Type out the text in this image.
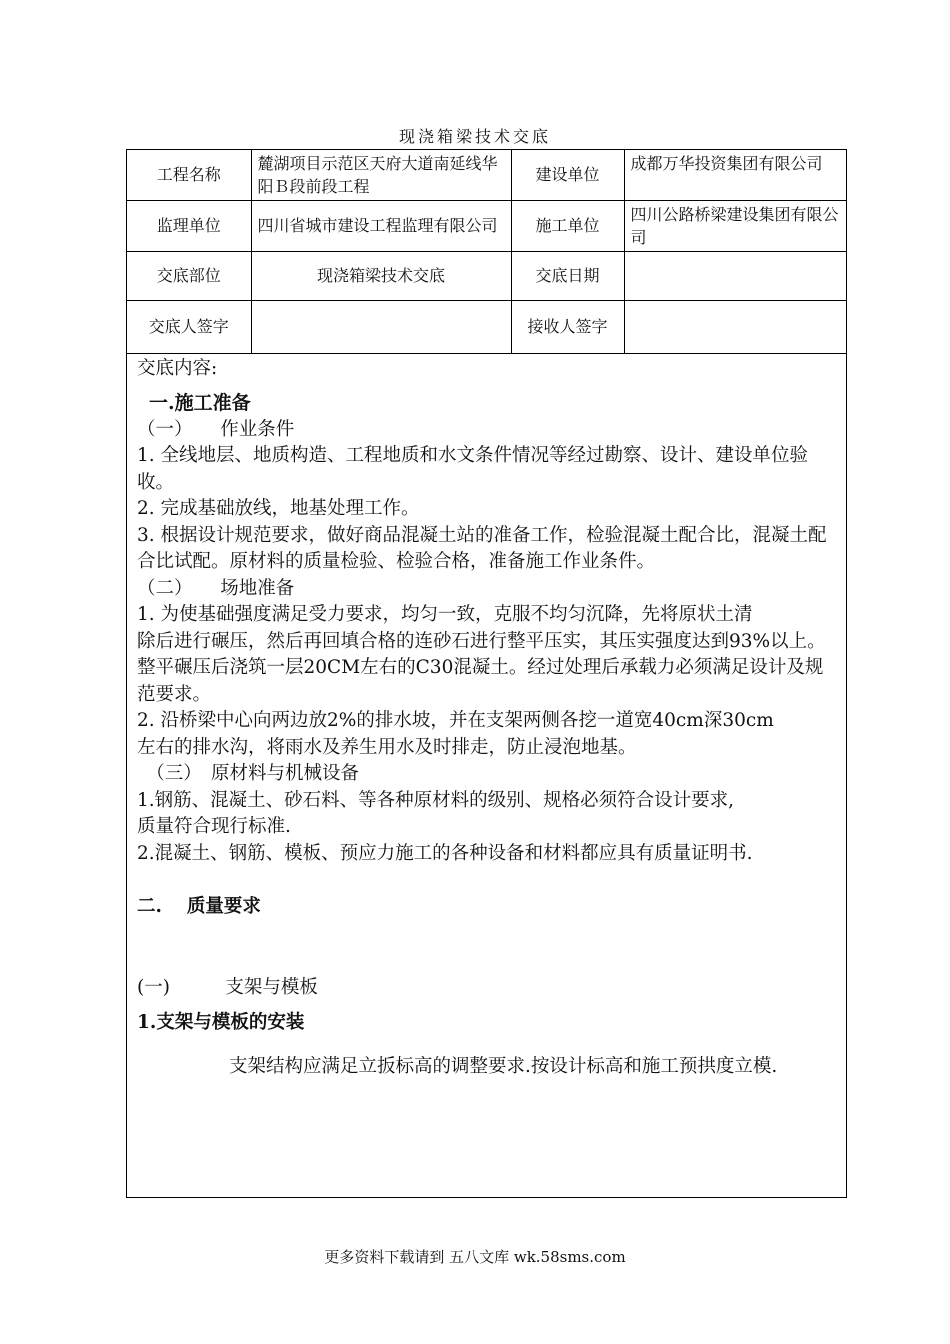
现浇箱梁技术交底
工程名称	麓湖项目示范区天府大道南延线华阳Ｂ段前段工程	建设单位	成都万华投资集团有限公司
监理单位	四川省城市建设工程监理有限公司	施工单位	四川公路桥梁建设集团有限公司
交底部位	现浇箱梁技术交底	交底日期	
交底人签字		接收人签字	

交底内容:

一.施工准备

（一）　　作业条件

1. 全线地层、地质构造、工程地质和水文条件情况等经过勘察、设计、建设单位验收。

2. 完成基础放线，地基处理工作。

3. 根据设计规范要求，做好商品混凝土站的准备工作，检验混凝土配合比，混凝土配合比试配。原材料的质量检验、检验合格，准备施工作业条件。

（二）　　场地准备

1. 为使基础强度满足受力要求，均匀一致，克服不均匀沉降，先将原状土清

除后进行碾压，然后再回填合格的连砂石进行整平压实，其压实强度达到93%以上。整平碾压后浇筑一层20CM左右的C30混凝土。经过处理后承载力必须满足设计及规范要求。

2. 沿桥梁中心向两边放2%的排水坡，并在支架两侧各挖一道宽40cm深30cm

左右的排水沟，将雨水及养生用水及时排走，防止浸泡地基。

　（三）　原材料与机械设备

1.钢筋、混凝土、砂石料、等各种原材料的级别、规格必须符合设计要求,

质量符合现行标准.

2.混凝土、钢筋、模板、预应力施工的各种设备和材料都应具有质量证明书.

二.　 质量要求

(一)　　　支架与模板

1.支架与模板的安装

支架结构应满足立扳标高的调整要求.按设计标高和施工预拱度立模.

更多资料下载请到 五八文库 wk.58sms.com
